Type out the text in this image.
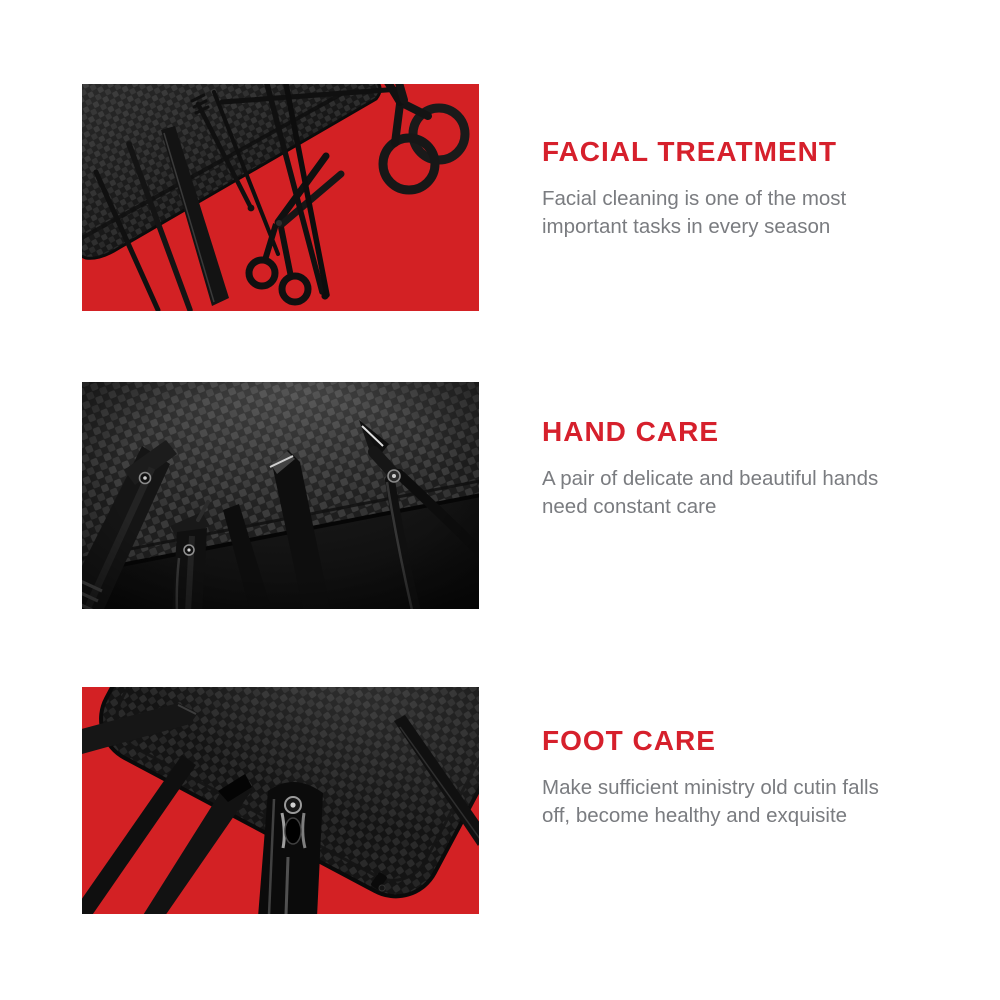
FACIAL TREATMENT
Facial cleaning is one of the most
important tasks in every season
HAND CARE
A pair of delicate and beautiful hands
need constant care
FOOT CARE
Make sufficient ministry old cutin falls
off, become healthy and exquisite
